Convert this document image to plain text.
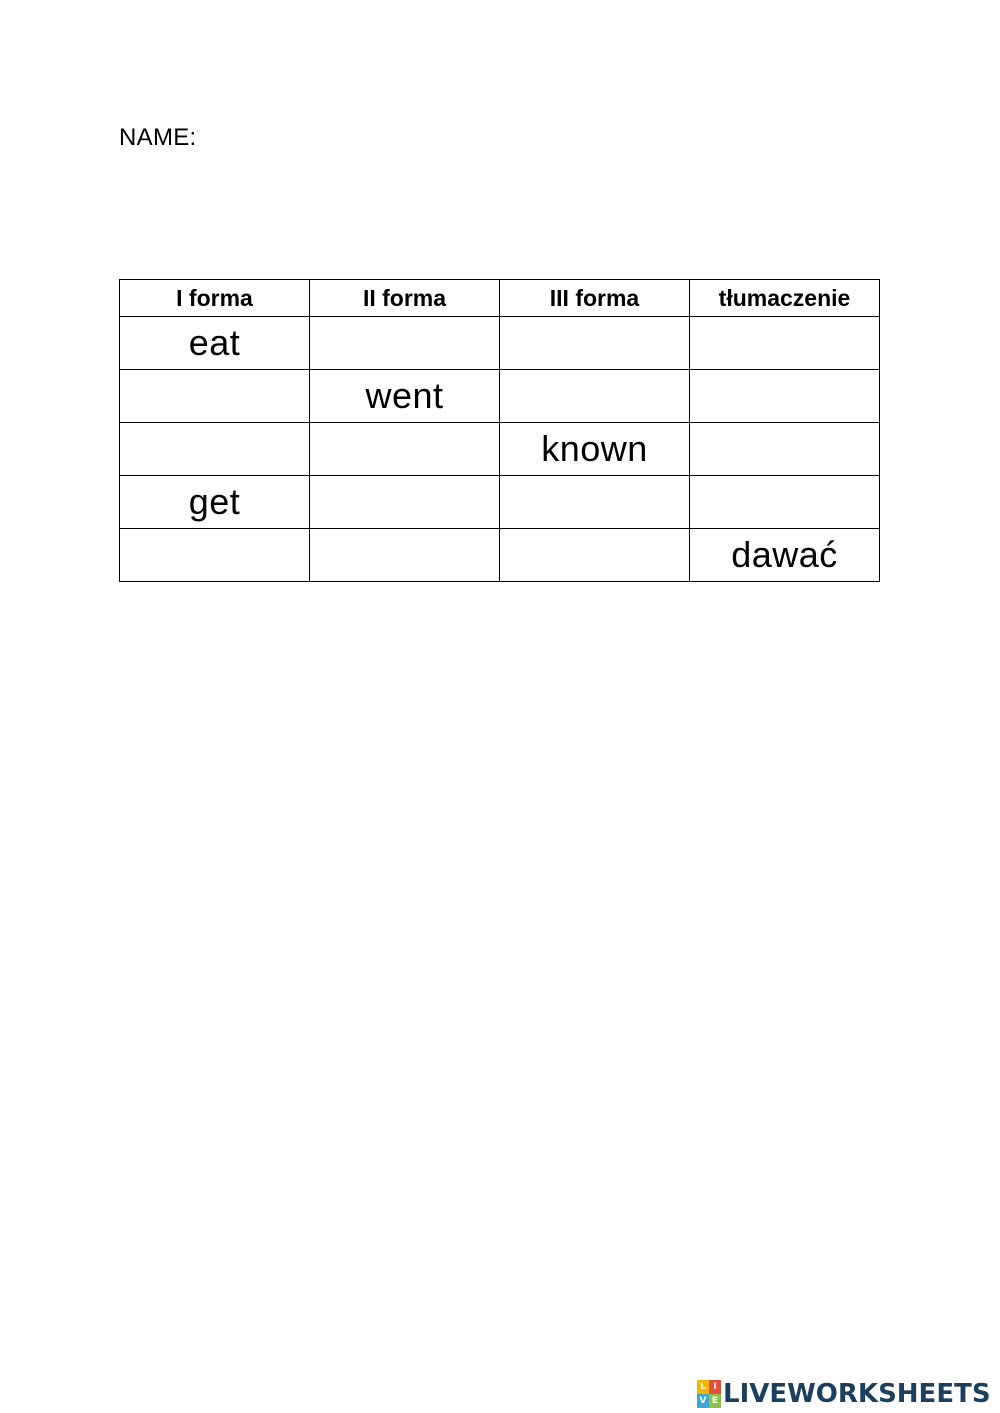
NAME:
I forma	II forma	III forma	tłumaczenie
eat			
	went		
		known	
get			
			dawać
L I
V E LIVEWORKSHEETS
